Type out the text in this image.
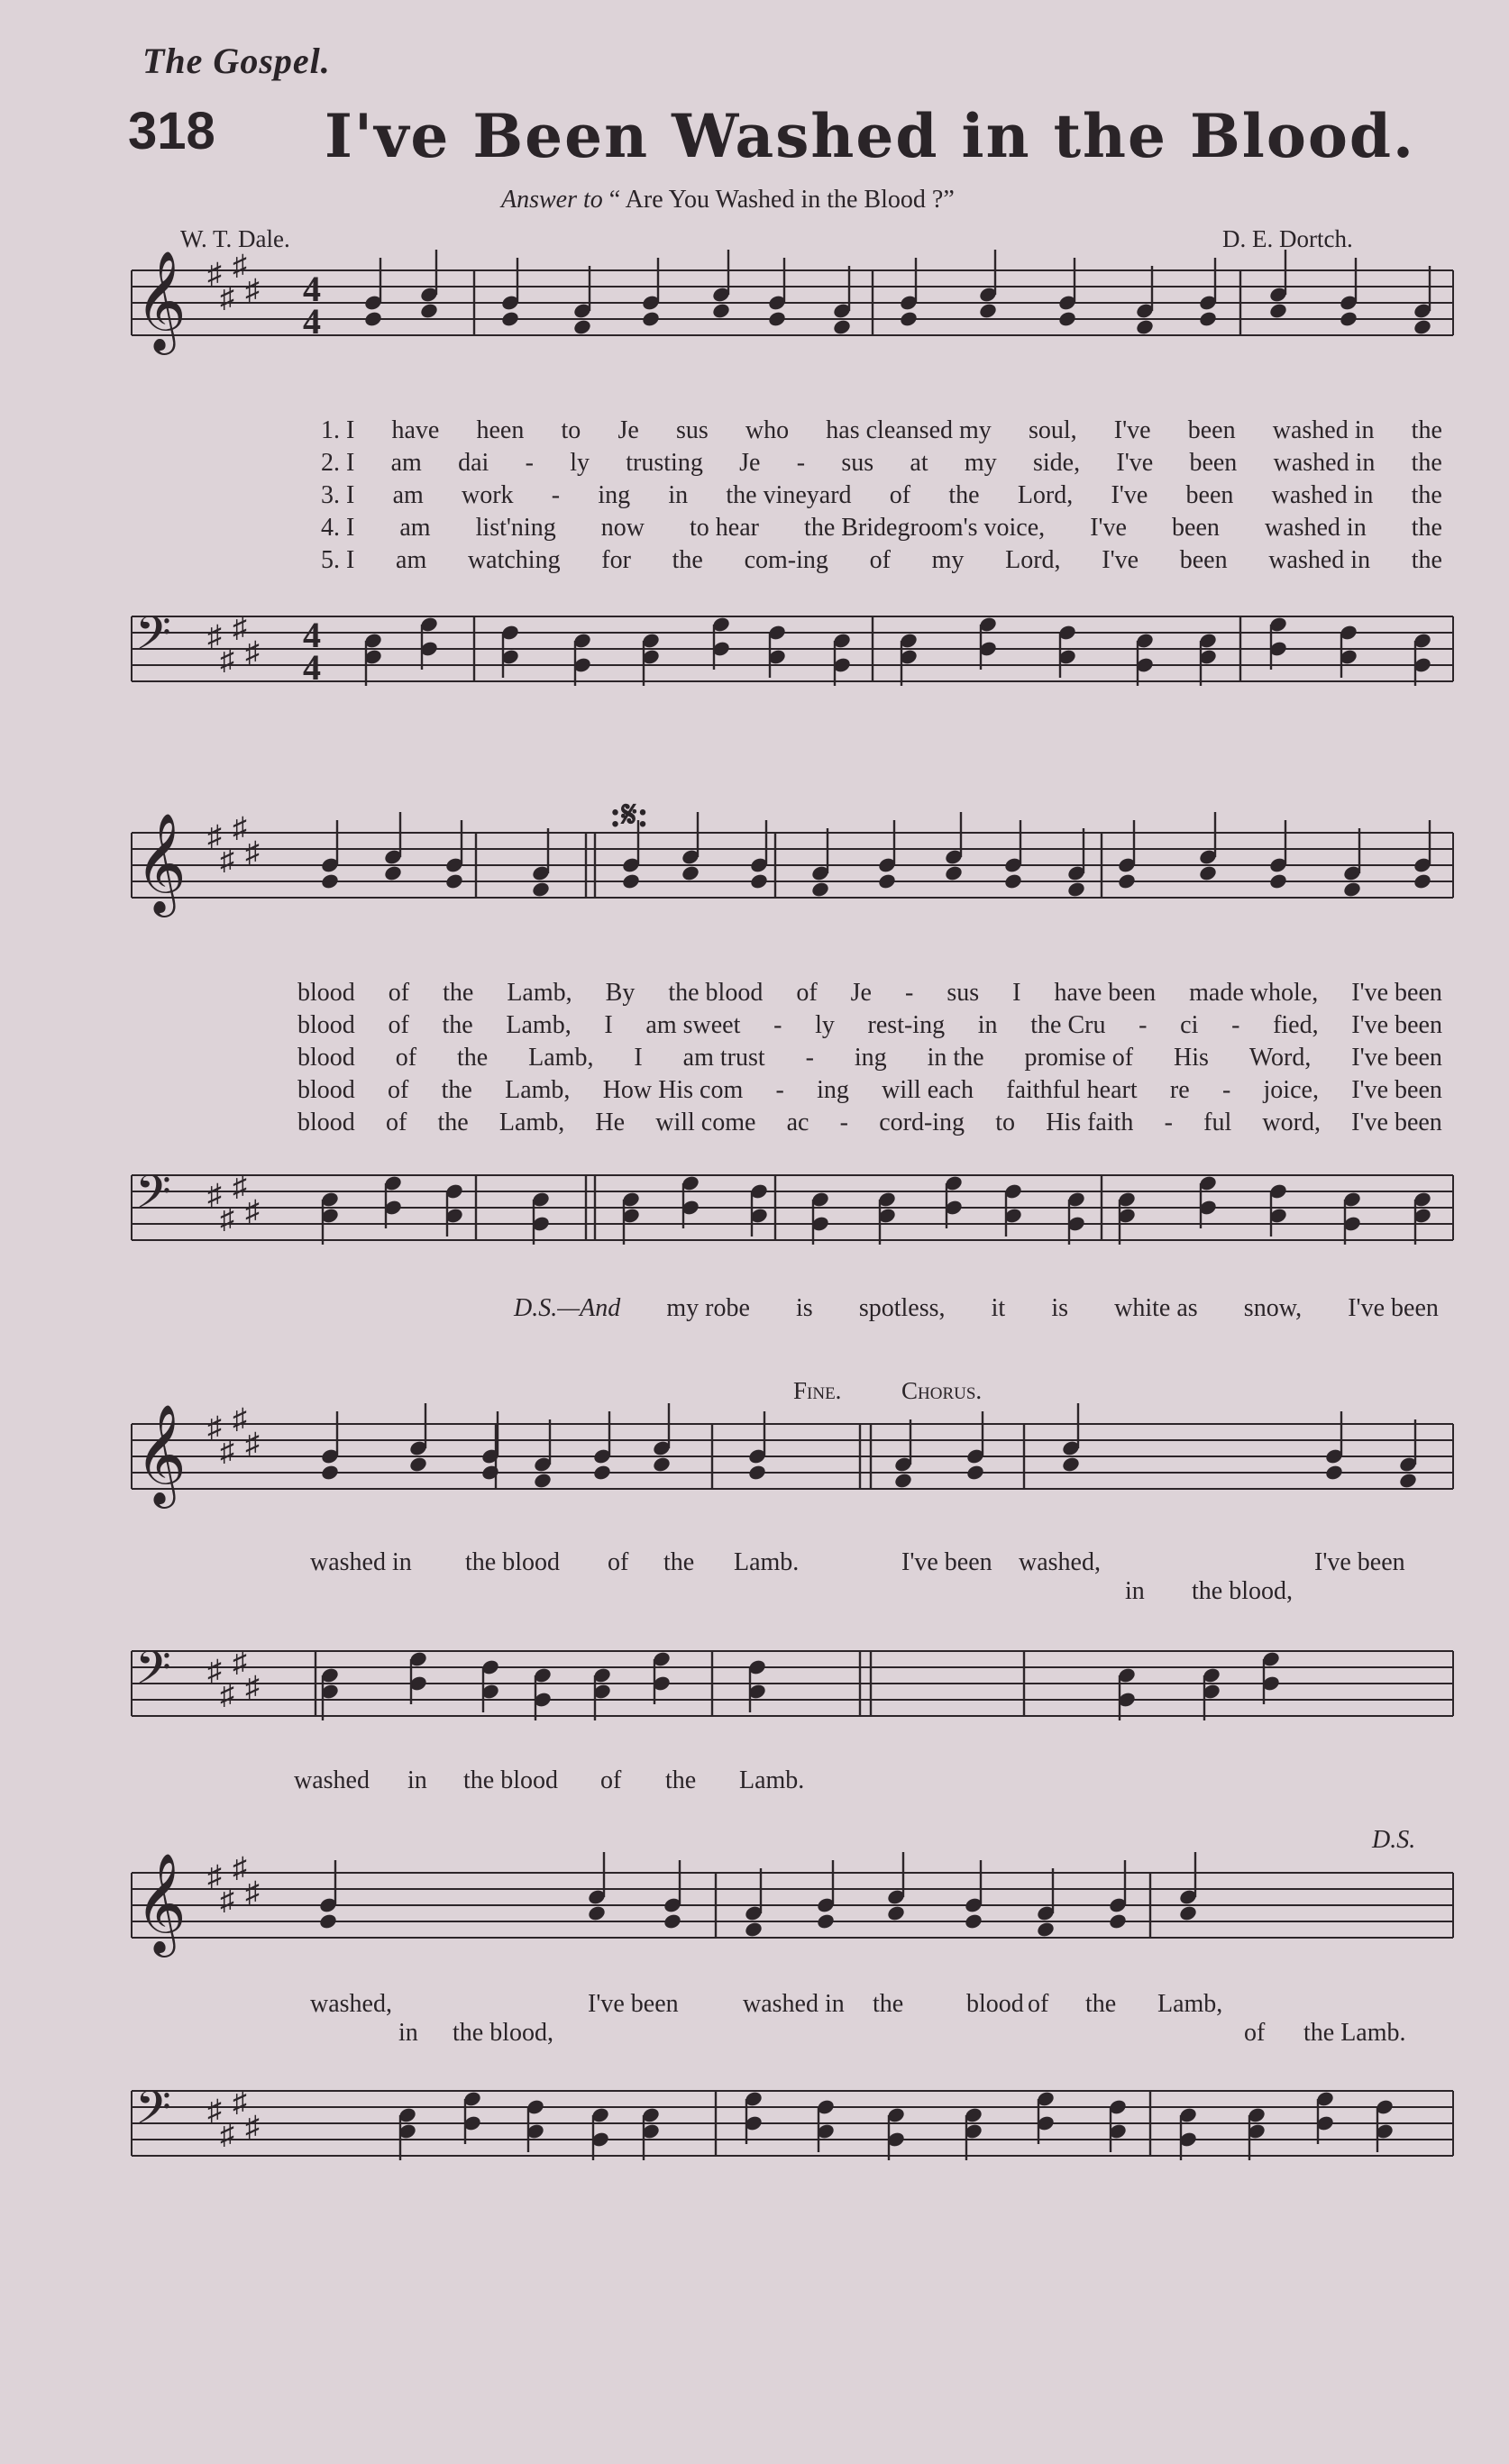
The Gospel.
318 I've Been Washed in the Blood.
Answer to “ Are You Washed in the Blood ?”
W. T. Dale.	D. E. Dortch.
𝄞 ♯
♯
♯
♯ 4
4
𝄢 ♯
♯
♯
♯ 4
4
𝄞 ♯
♯
♯
♯
𝄢 ♯
♯
♯
♯
𝄞 ♯
♯
♯
♯
𝄢 ♯
♯
♯
♯
𝄞 ♯
♯
♯
♯
𝄢 ♯
♯
♯
♯
1. I have heen to Je sus who has cleansed my soul, I've been washed in the
2. I am dai - ly trusting Je - sus at my side, I've been washed in the
3. I am work - ing in the vineyard of the Lord, I've been washed in the
4. I am list'ning now to hear the Bridegroom's voice, I've been washed in the
5. I am watching for the com-ing of my Lord, I've been washed in the
:𝄋:
blood of the Lamb, By the blood of Je - sus I have been made whole, I've been
blood of the Lamb, I am sweet - ly rest-ing in the Cru - ci - fied, I've been
blood of the Lamb, I am trust - ing in the promise of His Word, I've been
blood of the Lamb, How His com - ing will each faithful heart re - joice, I've been
blood of the Lamb, He will come ac - cord-ing to His faith - ful word, I've been
D.S.—And my robe is spotless, it is white as snow, I've been
Fine. Chorus.
washed in the blood of the Lamb.	I've been washed,	I've been
in the blood,
washed in the blood of the Lamb.
D.S.
washed,	I've been	washed in the blood of the Lamb,
in the blood,	of the Lamb.
